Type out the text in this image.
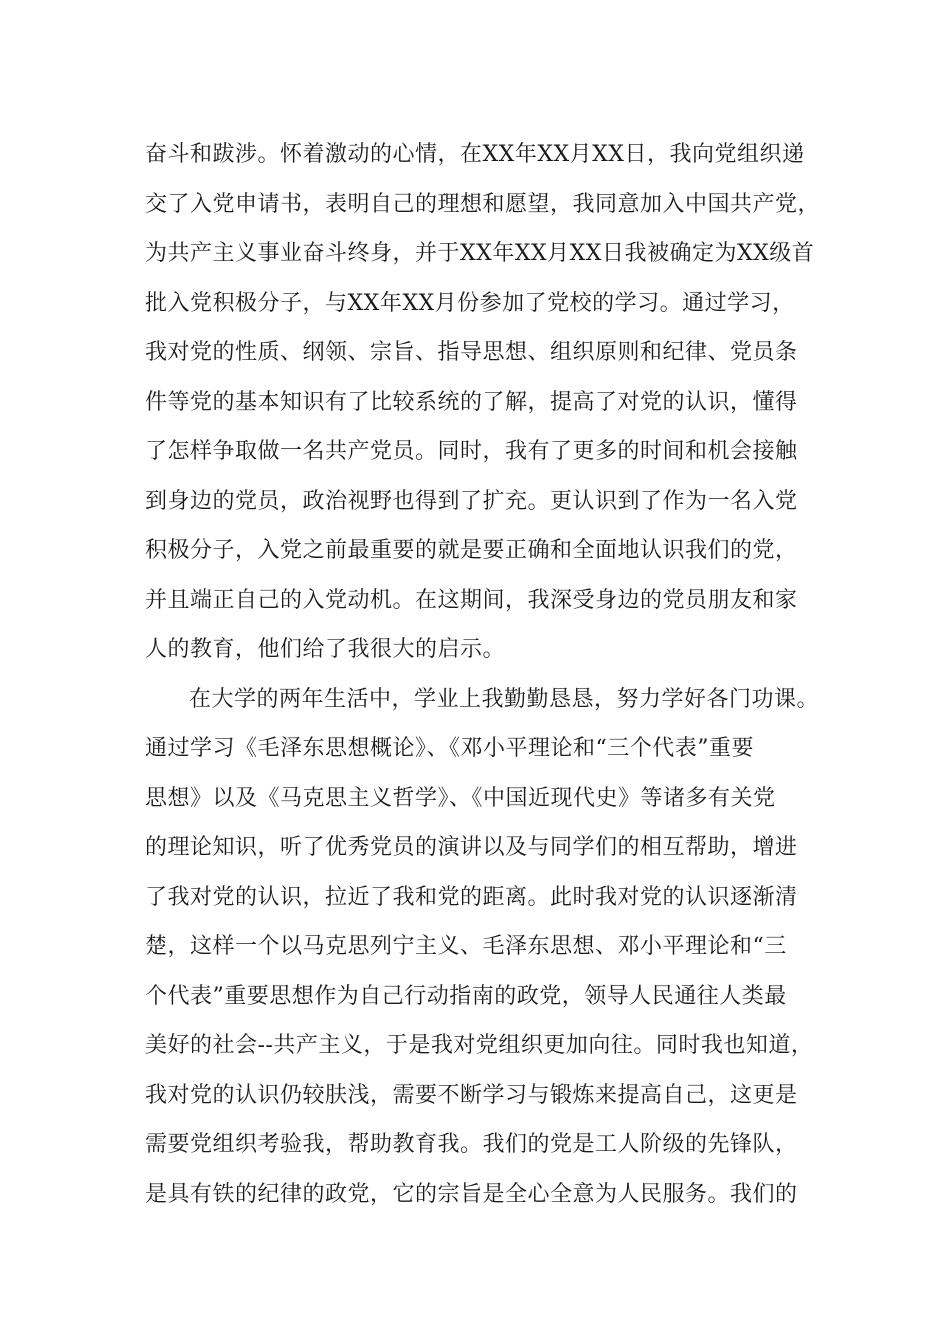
奋斗和跋涉。怀着激动的心情，在XX年XX月XX日，我向党组织递
交了入党申请书，表明自己的理想和愿望，我同意加入中国共产党，
为共产主义事业奋斗终身，并于XX年XX月XX日我被确定为XX级首
批入党积极分子，与XX年XX月份参加了党校的学习。通过学习，
我对党的性质、纲领、宗旨、指导思想、组织原则和纪律、党员条
件等党的基本知识有了比较系统的了解，提高了对党的认识，懂得
了怎样争取做一名共产党员。同时，我有了更多的时间和机会接触
到身边的党员，政治视野也得到了扩充。更认识到了作为一名入党
积极分子，入党之前最重要的就是要正确和全面地认识我们的党，
并且端正自己的入党动机。在这期间，我深受身边的党员朋友和家
人的教育，他们给了我很大的启示。
在大学的两年生活中，学业上我勤勤恳恳，努力学好各门功课。
通过学习《毛泽东思想概论》、《邓小平理论和“三个代表”重要
思想》以及《马克思主义哲学》、《中国近现代史》等诸多有关党
的理论知识，听了优秀党员的演讲以及与同学们的相互帮助，增进
了我对党的认识，拉近了我和党的距离。此时我对党的认识逐渐清
楚，这样一个以马克思列宁主义、毛泽东思想、邓小平理论和“三
个代表”重要思想作为自己行动指南的政党，领导人民通往人类最
美好的社会--共产主义，于是我对党组织更加向往。同时我也知道，
我对党的认识仍较肤浅，需要不断学习与锻炼来提高自己，这更是
需要党组织考验我，帮助教育我。我们的党是工人阶级的先锋队，
是具有铁的纪律的政党，它的宗旨是全心全意为人民服务。我们的
